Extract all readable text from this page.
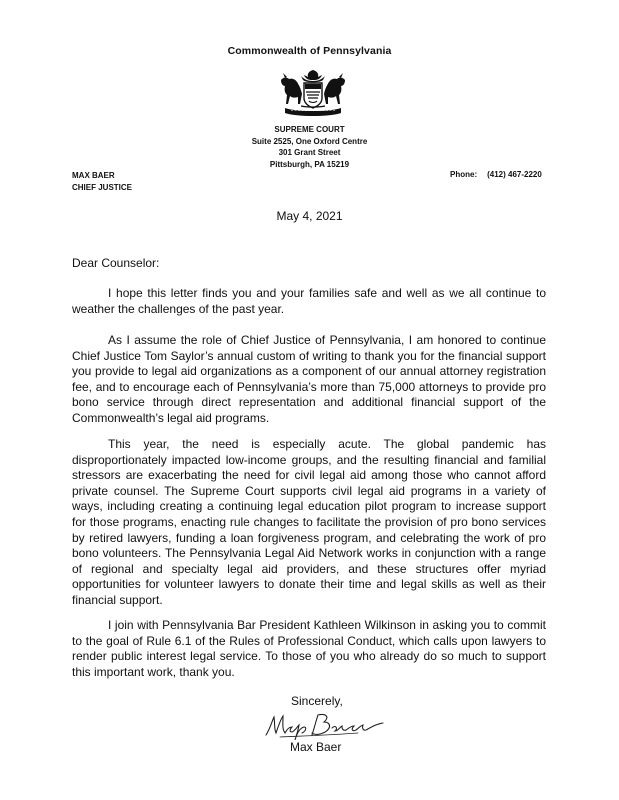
Commonwealth of Pennsylvania
SUPREME COURT
Suite 2525, One Oxford Centre
301 Grant Street
Pittsburgh, PA 15219
MAX BAER
CHIEF JUSTICE
Phone: (412) 467-2220
May 4, 2021
Dear Counselor:

I hope this letter finds you and your families safe and well as we all continue to weather the challenges of the past year.

As I assume the role of Chief Justice of Pennsylvania, I am honored to continue Chief Justice Tom Saylor’s annual custom of writing to thank you for the financial support you provide to legal aid organizations as a component of our annual attorney registration fee, and to encourage each of Pennsylvania’s more than 75,000 attorneys to provide pro bono service through direct representation and additional financial support of the Commonwealth’s legal aid programs.

This year, the need is especially acute. The global pandemic has disproportionately impacted low-income groups, and the resulting financial and familial stressors are exacerbating the need for civil legal aid among those who cannot afford private counsel. The Supreme Court supports civil legal aid programs in a variety of ways, including creating a continuing legal education pilot program to increase support for those programs, enacting rule changes to facilitate the provision of pro bono services by retired lawyers, funding a loan forgiveness program, and celebrating the work of pro bono volunteers. The Pennsylvania Legal Aid Network works in conjunction with a range of regional and specialty legal aid providers, and these structures offer myriad opportunities for volunteer lawyers to donate their time and legal skills as well as their financial support.

I join with Pennsylvania Bar President Kathleen Wilkinson in asking you to commit to the goal of Rule 6.1 of the Rules of Professional Conduct, which calls upon lawyers to render public interest legal service. To those of you who already do so much to support this important work, thank you.

Sincerely,
Max Baer
